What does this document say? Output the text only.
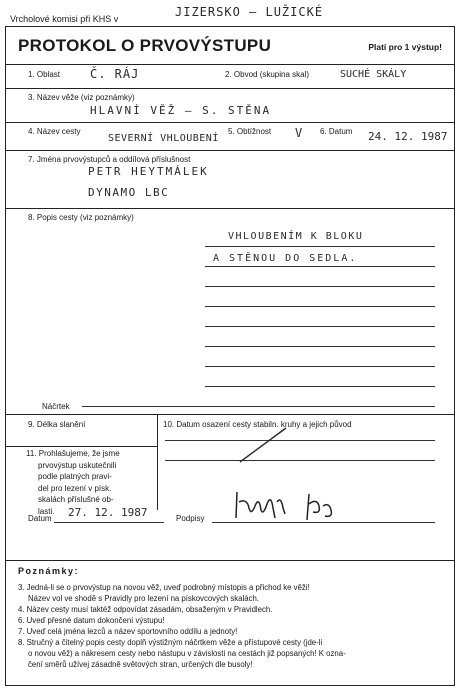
Vrcholové komisi při KHS v	JIZERSKO – LUŽICKÉ
PROTOKOL O PRVOVÝSTUPU	Platí pro 1 výstup!
1. Oblast Č. RÁJ	2. Obvod (skupina skal)	SUCHÉ SKÁLY
3. Název věže (viz poznámky)
HLAVNÍ VĚŽ – S. STĚNA
4. Název cesty
SEVERNÍ VHLOUBENÍ
5. Obtížnost V 6. Datum 24. 12. 1987
7. Jména prvovýstupců a oddílová příslušnost
PETR HEYTMÁLEK
DYNAMO LBC
8. Popis cesty (viz poznámky)
VHLOUBENÍM K BLOKU
A STĚNOU DO SEDLA.
Náčrtek
9. Délka slanění	10. Datum osazení cesty stabiln. kruhy a jejich původ
11. Prohlašujeme, že jsme
prvovýstup uskutečnili
podle platných pravi-
del pro lezení v písk.
skalách příslušné ob-
lasti.
Datum 27. 12. 1987	Podpisy
Poznámky:
3. Jedná-li se o prvovýstup na novou věž, uveď podrobný místopis a přichod ke věži!
Název vol ve shodě s Pravidly pro lezení na pískovcových skalách.
4. Název cesty musí taktéž odpovídat zásadám, obsaženým v Pravidlech.
6. Uveď přesné datum dokončení výstupu!
7. Uveď celá jména lezců a název sportovního oddílu a jednoty!
8. Stručný a čitelný popis cesty doplň výstižným náčrtkem věže a přístupové cesty (jde-li
o novou věž) a nákresem cesty nebo nástupu v závislosti na cestách již popsaných! K ozna-
čení směrů užívej zásadně světových stran, určených dle busoly!
